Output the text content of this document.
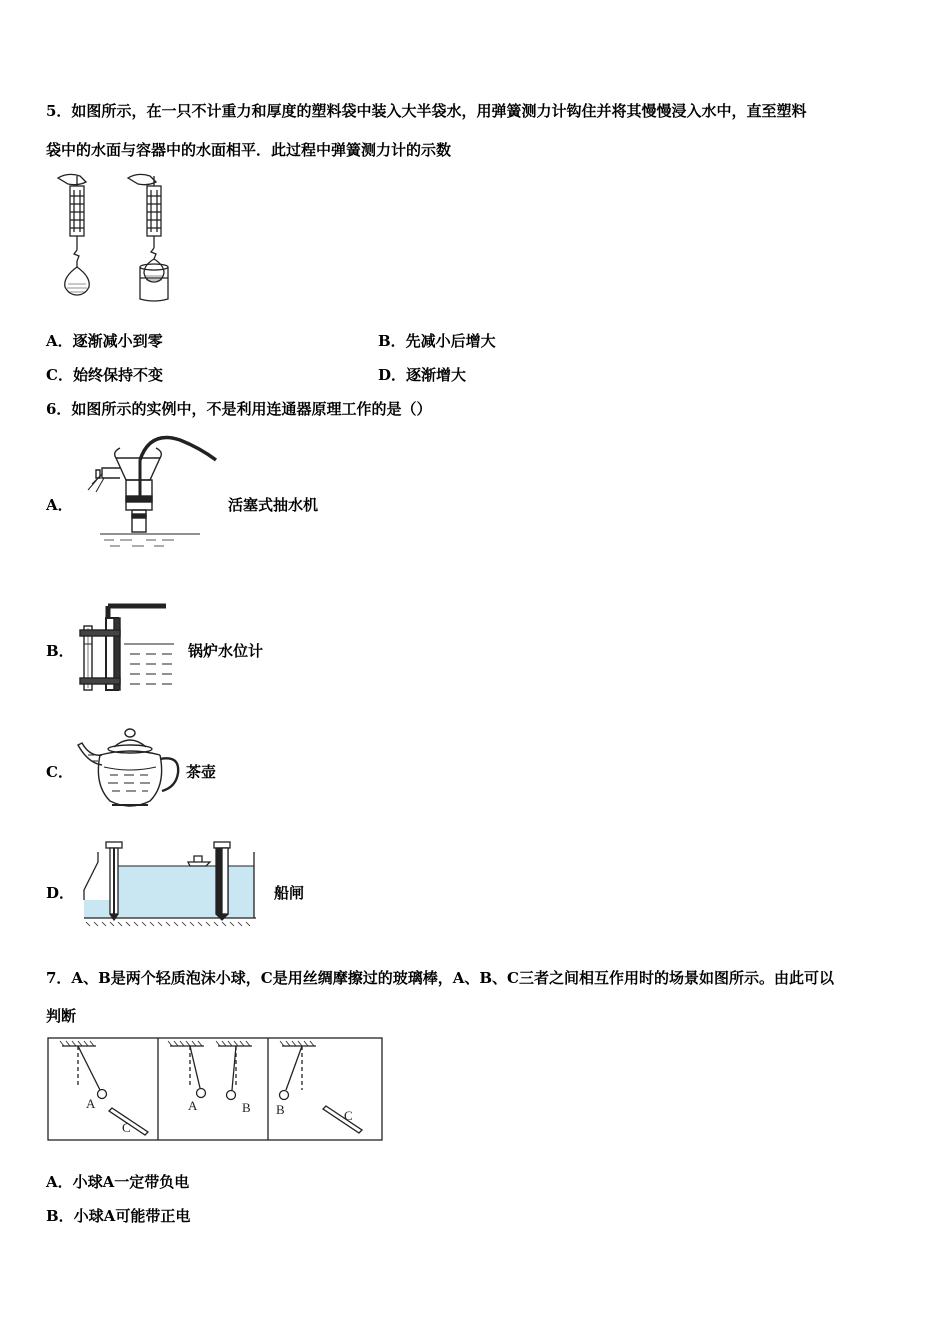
5．如图所示，在一只不计重力和厚度的塑料袋中装入大半袋水，用弹簧测力计钩住并将其慢慢浸入水中，直至塑料
袋中的水面与容器中的水面相平．此过程中弹簧测力计的示数
A．逐渐减小到零	B．先减小后增大
C．始终保持不变	D．逐渐增大
6．如图所示的实例中，不是利用连通器原理工作的是（）
A．	活塞式抽水机
B．	锅炉水位计
C．	茶壶
D．	船闸
7．A、B是两个轻质泡沫小球，C是用丝绸摩擦过的玻璃棒，A、B、C三者之间相互作用时的场景如图所示。由此可以
判断
A
C
A	B B	C
A．小球A一定带负电
B．小球A可能带正电
